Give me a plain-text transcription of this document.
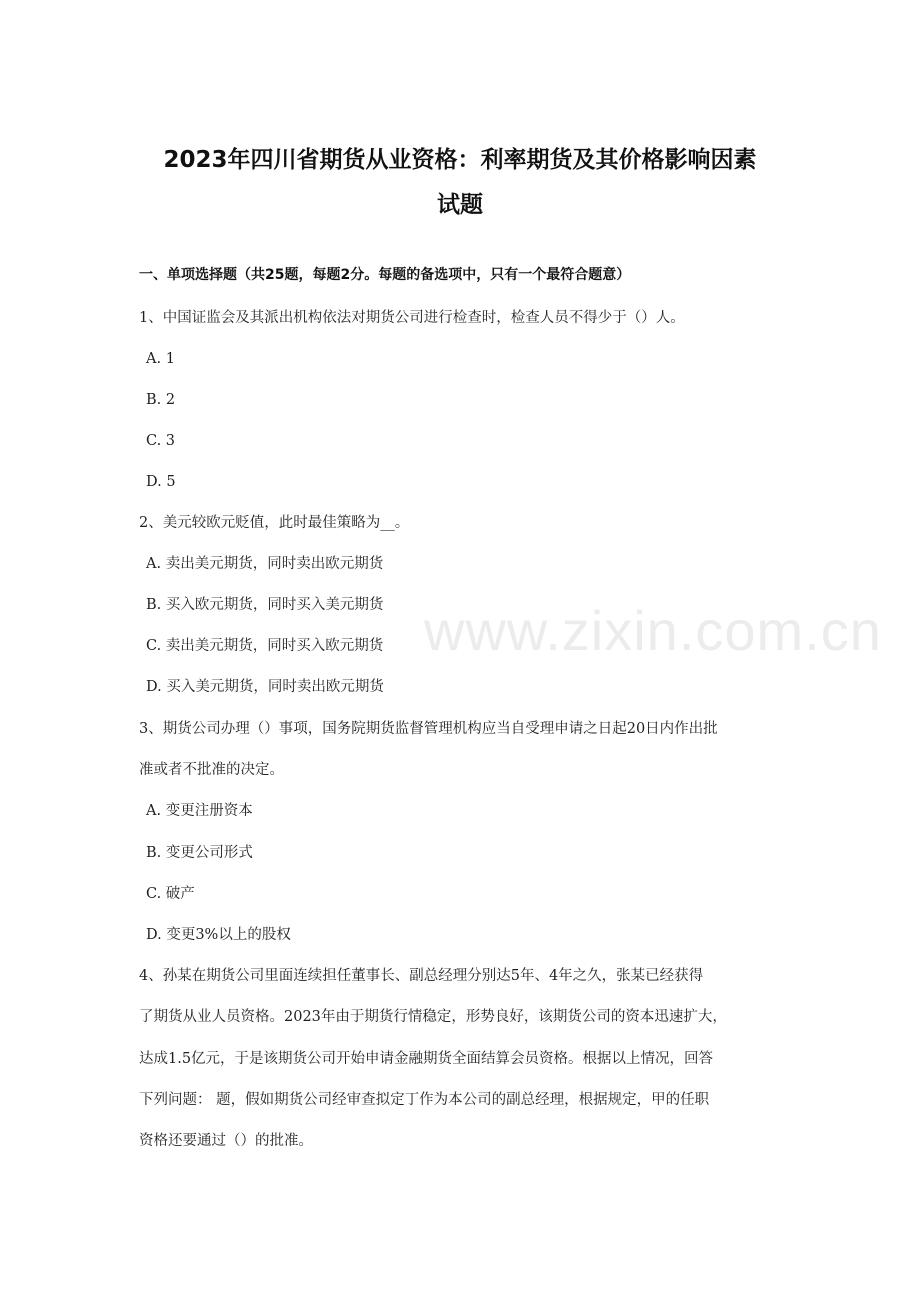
www.zixin.com.cn
2023年四川省期货从业资格：利率期货及其价格影响因素
试题
一、单项选择题（共25题，每题2分。每题的备选项中，只有一个最符合题意）
1、中国证监会及其派出机构依法对期货公司进行检查时，检查人员不得少于（）人。
A. 1
B. 2
C. 3
D. 5
2、美元较欧元贬值，此时最佳策略为__。
A. 卖出美元期货，同时卖出欧元期货
B. 买入欧元期货，同时买入美元期货
C. 卖出美元期货，同时买入欧元期货
D. 买入美元期货，同时卖出欧元期货
3、期货公司办理（）事项，国务院期货监督管理机构应当自受理申请之日起20日内作出批
准或者不批准的决定。
A. 变更注册资本
B. 变更公司形式
C. 破产
D. 变更3%以上的股权
4、孙某在期货公司里面连续担任董事长、副总经理分别达5年、4年之久，张某已经获得
了期货从业人员资格。2023年由于期货行情稳定，形势良好，该期货公司的资本迅速扩大，
达成1.5亿元，于是该期货公司开始申请金融期货全面结算会员资格。根据以上情况，回答
下列问题： 题，假如期货公司经审查拟定丁作为本公司的副总经理，根据规定，甲的任职
资格还要通过（）的批准。
